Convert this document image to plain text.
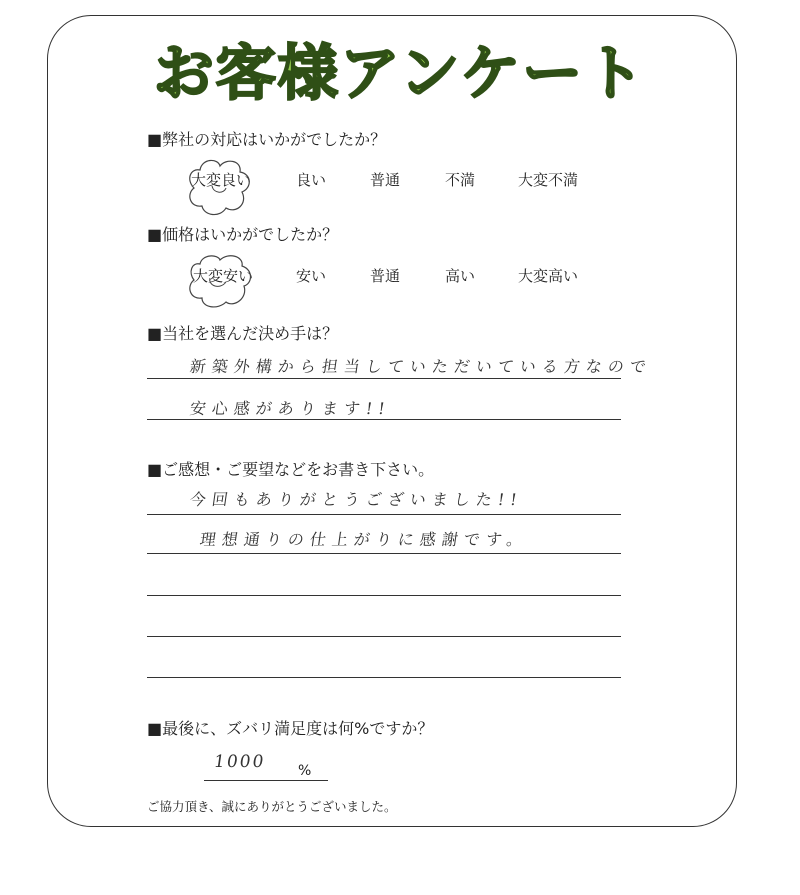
お客様アンケート
■弊社の対応はいかがでしたか？
大変良い	良い	普通	不満	大変不満
■価格はいかがでしたか？
大変安い	安い	普通	高い	大変高い
■当社を選んだ決め手は？
新築外構から担当していただいている方なので
安心感があります!!
■ご感想・ご要望などをお書き下さい。
今回もありがとうございました!!
理想通りの仕上がりに感謝です。
■最後に、ズバリ満足度は何%ですか？
1000 %
ご協力頂き、誠にありがとうございました。
